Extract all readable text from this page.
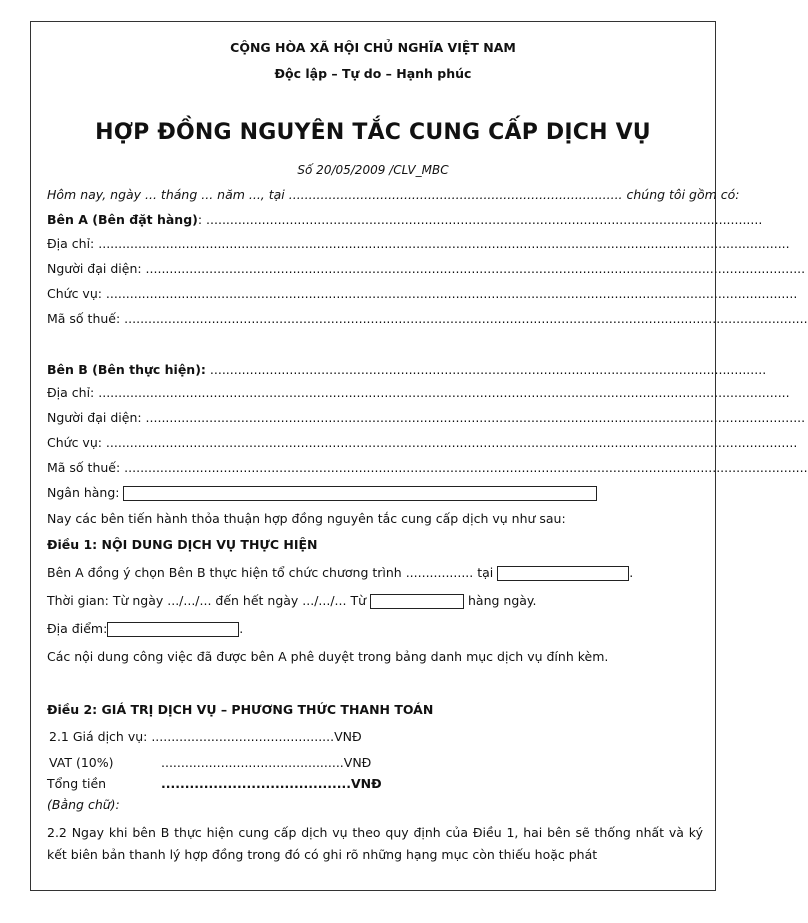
CỘNG HÒA XÃ HỘI CHỦ NGHĨA VIỆT NAM
Độc lập – Tự do – Hạnh phúc
HỢP ĐỒNG NGUYÊN TẮC CUNG CẤP DỊCH VỤ
Số 20/05/2009 /CLV_MBC
Hôm nay, ngày ... tháng ... năm ..., tại .................................................................................... chúng tôi gồm có:
Bên A (Bên đặt hàng): ............................................................................................................................................
Địa chỉ: ..............................................................................................................................................................................
Người đại diện: ......................................................................................................................................................................
Chức vụ: ..............................................................................................................................................................................
Mã số thuế: ............................................................................................................................................................................
Bên B (Bên thực hiện): ............................................................................................................................................
Địa chỉ: ..............................................................................................................................................................................
Người đại diện: ......................................................................................................................................................................
Chức vụ: ..............................................................................................................................................................................
Mã số thuế: ............................................................................................................................................................................
Ngân hàng:
Nay các bên tiến hành thỏa thuận hợp đồng nguyên tắc cung cấp dịch vụ như sau:
Điều 1: NỘI DUNG DỊCH VỤ THỰC HIỆN
Bên A đồng ý chọn Bên B thực hiện tổ chức chương trình ................. tại	.
Thời gian: Từ ngày .../.../... đến hết ngày .../.../... Từ	hàng ngày.
Địa điểm:	.
Các nội dung công việc đã được bên A phê duyệt trong bảng danh mục dịch vụ đính kèm.
Điều 2: GIÁ TRỊ DỊCH VỤ – PHƯƠNG THỨC THANH TOÁN
2.1 Giá dịch vụ: ..............................................VNĐ
VAT (10%)	..............................................VNĐ
Tổng tiền	........................................VNĐ
(Bằng chữ):
2.2 Ngay khi bên B thực hiện cung cấp dịch vụ theo quy định của Điều 1, hai bên sẽ thống nhất và ký kết biên bản thanh lý hợp đồng trong đó có ghi rõ những hạng mục còn thiếu hoặc phát
